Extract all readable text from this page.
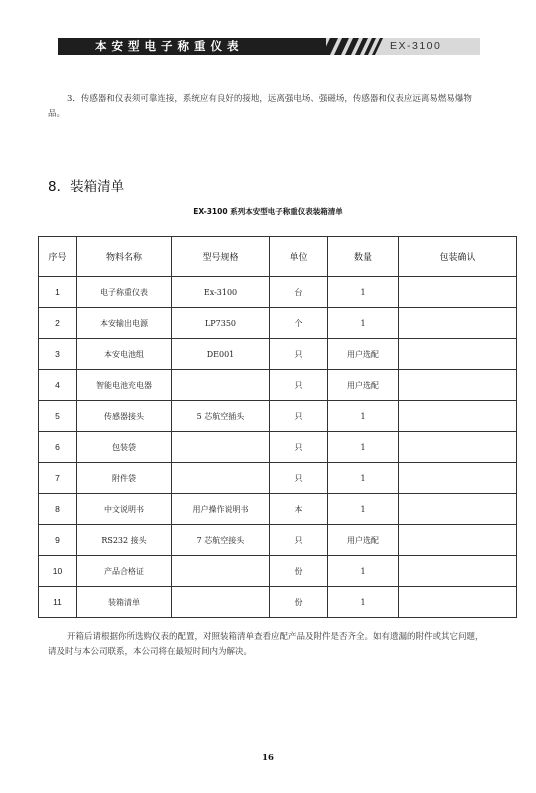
本安型电子称重仪表	EX-3100

3．传感器和仪表须可靠连接，系统应有良好的接地，远离强电场、强磁场，传感器和仪表应远离易燃易爆物品。

8．装箱清单
EX-3100 系列本安型电子称重仪表装箱清单
序号	物料名称	型号规格	单位	数量	包装确认
1	电子称重仪表	Ex-3100	台	1	
2	本安输出电源	LP7350	个	1	
3	本安电池组	DE001	只	用户选配	
4	智能电池充电器		只	用户选配	
5	传感器接头	5 芯航空插头	只	1	
6	包装袋		只	1	
7	附件袋		只	1	
8	中文说明书	用户操作说明书	本	1	
9	RS232 接头	7 芯航空接头	只	用户选配	
10	产品合格证		份	1	
11	装箱清单		份	1	

开箱后请根据你所选购仪表的配置，对照装箱清单查看应配产品及附件是否齐全。如有遗漏的附件或其它问题，请及时与本公司联系，本公司将在最短时间内为解决。

16
